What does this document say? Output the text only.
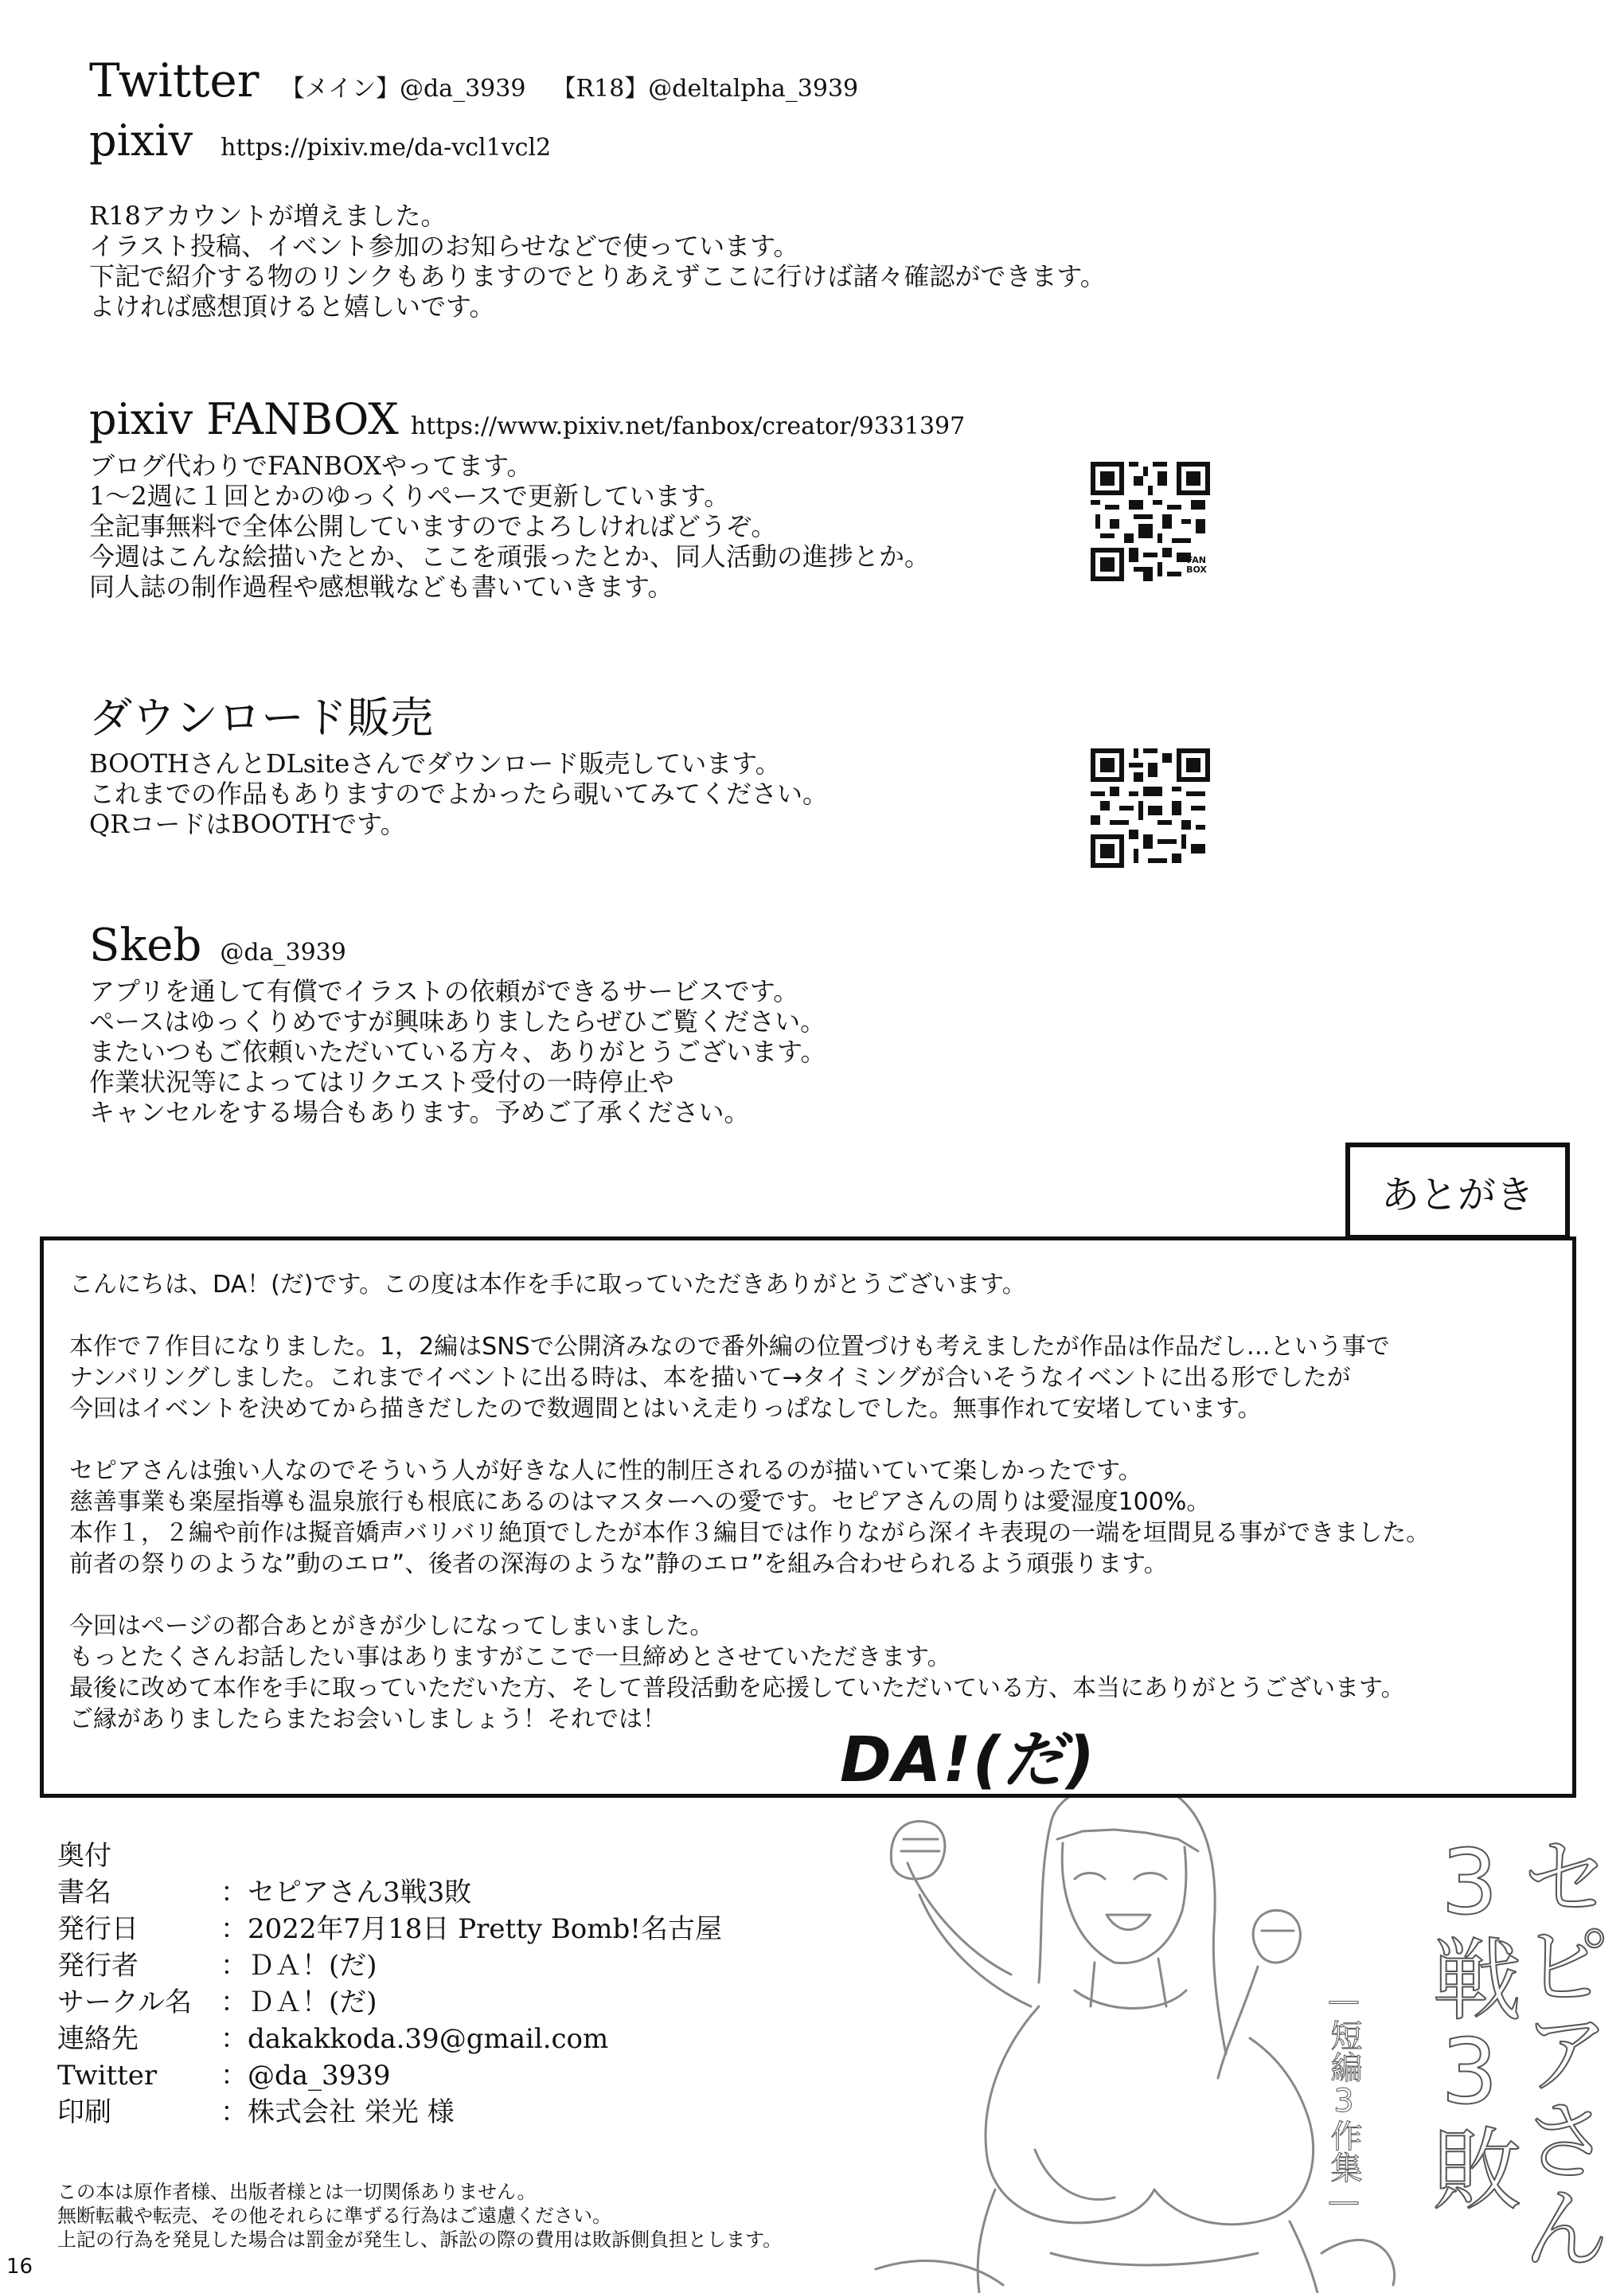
Twitter 【メイン】@da_3939 【R18】@deltalpha_3939
pixiv https://pixiv.me/da-vcl1vcl2
R18アカウントが増えました。
イラスト投稿、イベント参加のお知らせなどで使っています。
下記で紹介する物のリンクもありますのでとりあえずここに行けば諸々確認ができます。
よければ感想頂けると嬉しいです。
pixiv FANBOX https://www.pixiv.net/fanbox/creator/9331397
ブログ代わりでFANBOXやってます。
1～2週に１回とかのゆっくりペースで更新しています。
全記事無料で全体公開していますのでよろしければどうぞ。
今週はこんな絵描いたとか、ここを頑張ったとか、同人活動の進捗とか。
同人誌の制作過程や感想戦なども書いていきます。
FAN BOX
ダウンロード販売
BOOTHさんとDLsiteさんでダウンロード販売しています。
これまでの作品もありますのでよかったら覗いてみてください。
QRコードはBOOTHです。
Skeb @da_3939
アプリを通して有償でイラストの依頼ができるサービスです。
ペースはゆっくりめですが興味ありましたらぜひご覧ください。
またいつもご依頼いただいている方々、ありがとうございます。
作業状況等によってはリクエスト受付の一時停止や
キャンセルをする場合もあります。予めご了承ください。
あとがき
こんにちは、DA！(だ)です。この度は本作を手に取っていただきありがとうございます。
本作で７作目になりました。1，2編はSNSで公開済みなので番外編の位置づけも考えましたが作品は作品だし…という事で
ナンバリングしました。これまでイベントに出る時は、本を描いて→タイミングが合いそうなイベントに出る形でしたが
今回はイベントを決めてから描きだしたので数週間とはいえ走りっぱなしでした。無事作れて安堵しています。
セピアさんは強い人なのでそういう人が好きな人に性的制圧されるのが描いていて楽しかったです。
慈善事業も楽屋指導も温泉旅行も根底にあるのはマスターへの愛です。セピアさんの周りは愛湿度100%。
本作１，２編や前作は擬音嬌声バリバリ絶頂でしたが本作３編目では作りながら深イキ表現の一端を垣間見る事ができました。
前者の祭りのような”動のエロ”、後者の深海のような”静のエロ”を組み合わせられるよう頑張ります。
今回はページの都合あとがきが少しになってしまいました。
もっとたくさんお話したい事はありますがここで一旦締めとさせていただきます。
最後に改めて本作を手に取っていただいた方、そして普段活動を応援していただいている方、本当にありがとうございます。
ご縁がありましたらまたお会いしましょう！それでは！
DA!(だ)
セピアさん3戦3敗
—短編3作集—
奥付
書名	：セピアさん3戦3敗
発行日	：2022年7月18日 Pretty Bomb!名古屋
発行者	：ＤＡ！(だ)
サークル名	：ＤＡ！(だ)
連絡先	：dakakkoda.39@gmail.com
Twitter	：@da_3939
印刷	：株式会社 栄光 様
この本は原作者様、出版者様とは一切関係ありません。
無断転載や転売、その他それらに準ずる行為はご遠慮ください。
上記の行為を発見した場合は罰金が発生し、訴訟の際の費用は敗訴側負担とします。
16
